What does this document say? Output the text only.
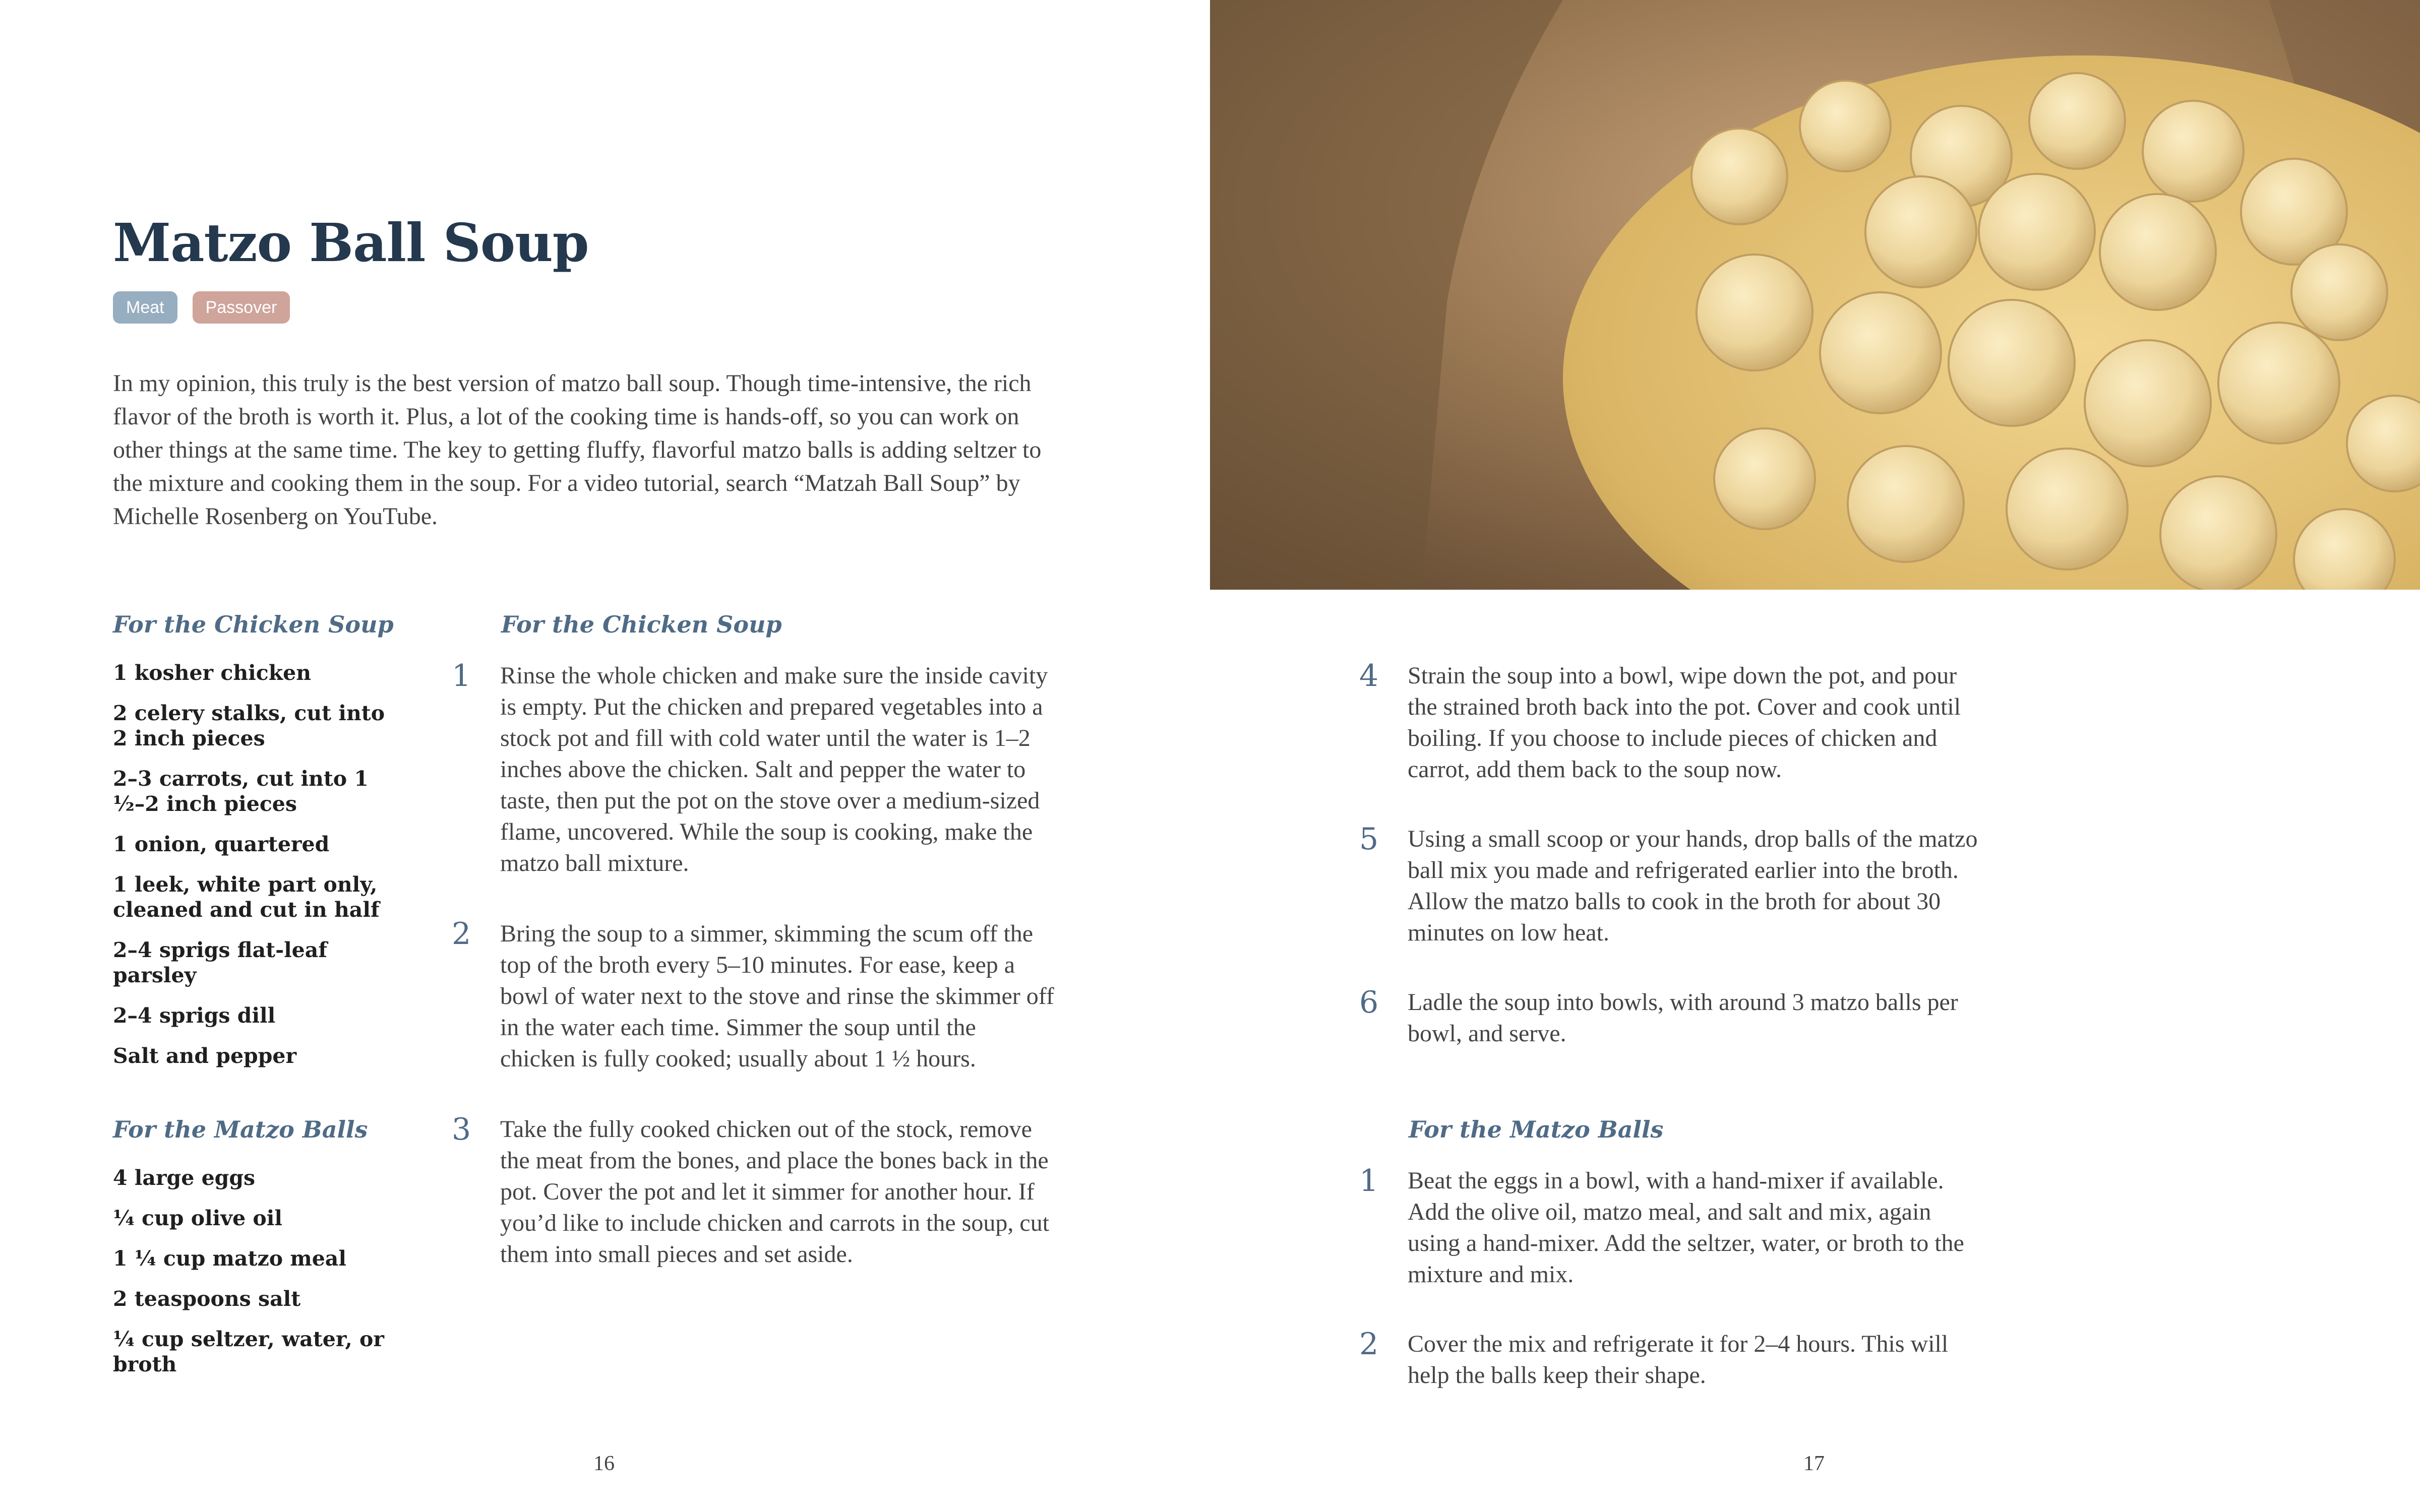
Matzo Ball Soup
Meat	Passover

In my opinion, this truly is the best version of matzo ball soup. Though time-intensive, the rich flavor of the broth is worth it. Plus, a lot of the cooking time is hands-off, so you can work on other things at the same time. The key to getting fluffy, flavorful matzo balls is adding seltzer to the mixture and cooking them in the soup. For a video tutorial, search “Matzah Ball Soup” by Michelle Rosenberg on YouTube.

For the Chicken Soup
1 kosher chicken
2 celery stalks, cut into 2 inch pieces
2–3 carrots, cut into 1 ½–2 inch pieces
1 onion, quartered
1 leek, white part only, cleaned and cut in half
2–4 sprigs flat-leaf parsley
2–4 sprigs dill
Salt and pepper
For the Matzo Balls
4 large eggs
¼ cup olive oil
1 ¼ cup matzo meal
2 teaspoons salt
¼ cup seltzer, water, or broth
For the Chicken Soup
1	Rinse the whole chicken and make sure the inside cavity is empty. Put the chicken and prepared vegetables into a stock pot and fill with cold water until the water is 1–2 inches above the chicken. Salt and pepper the water to taste, then put the pot on the stove over a medium-sized flame, uncovered. While the soup is cooking, make the matzo ball mixture.

2	Bring the soup to a simmer, skimming the scum off the top of the broth every 5–10 minutes. For ease, keep a bowl of water next to the stove and rinse the skimmer off in the water each time. Simmer the soup until the chicken is fully cooked; usually about 1 ½ hours.

3	Take the fully cooked chicken out of the stock, remove the meat from the bones, and place the bones back in the pot. Cover the pot and let it simmer for another hour. If you’d like to include chicken and carrots in the soup, cut them into small pieces and set aside.

16
4	Strain the soup into a bowl, wipe down the pot, and pour the strained broth back into the pot. Cover and cook until boiling. If you choose to include pieces of chicken and carrot, add them back to the soup now.

5	Using a small scoop or your hands, drop balls of the matzo ball mix you made and refrigerated earlier into the broth. Allow the matzo balls to cook in the broth for about 30 minutes on low heat.

6	Ladle the soup into bowls, with around 3 matzo balls per bowl, and serve.

For the Matzo Balls
1	Beat the eggs in a bowl, with a hand-mixer if available. Add the olive oil, matzo meal, and salt and mix, again using a hand-mixer. Add the seltzer, water, or broth to the mixture and mix.

2	Cover the mix and refrigerate it for 2–4 hours. This will help the balls keep their shape.

17
